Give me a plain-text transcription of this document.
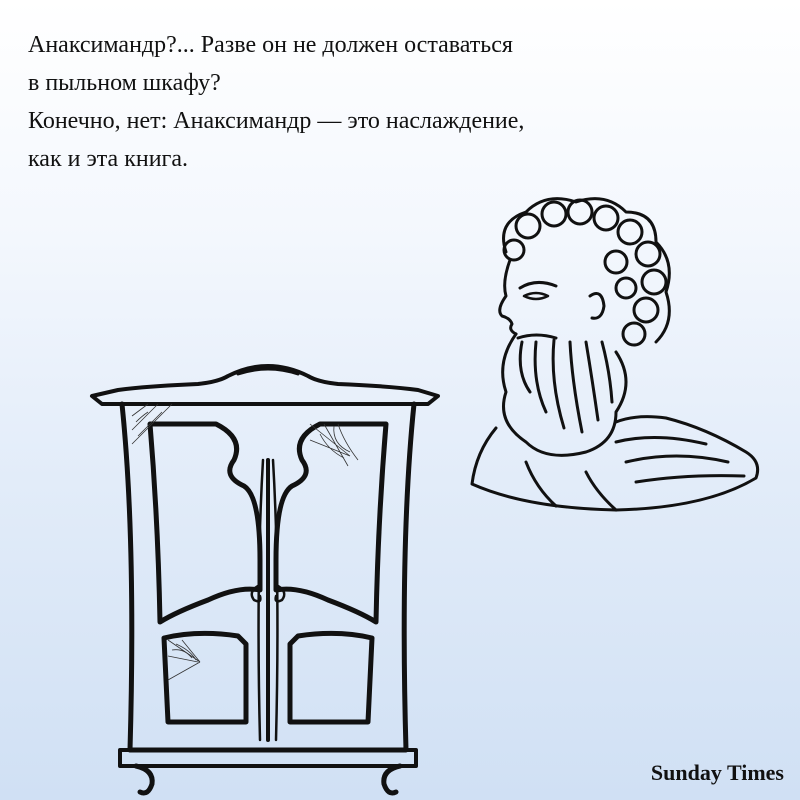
Анаксимандр?... Разве он не должен оставаться
в пыльном шкафу?
Конечно, нет: Анаксимандр — это наслаждение,
как и эта книга.
Sunday Times
